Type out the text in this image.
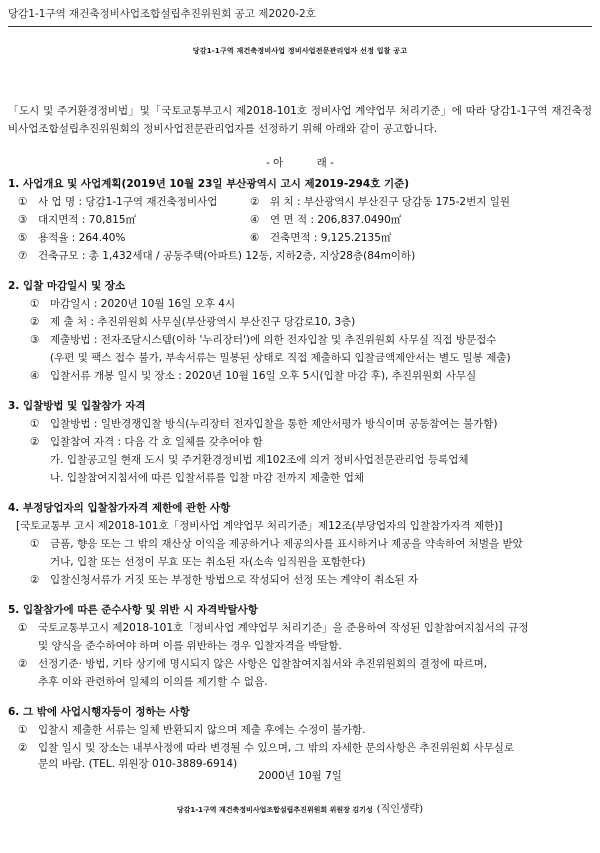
당감1-1구역 재건축정비사업조합설립추진위원회 공고 제2020-2호
당감1-1구역 재건축정비사업 정비사업전문관리업자 선정 입찰 공고
「도시 및 주거환경정비법」및「국토교통부고시 제2018-101호 정비사업 계약업무 처리기준」에 따라 당감1-1구역 재건축정비사업조합설립추진위원회의 정비사업전문관리업자를 선정하기 위해 아래와 같이 공고합니다.
- 아          래 -
1. 사업개요 및 사업계획(2019년 10월 23일 부산광역시 고시 제2019-294호 기준)
① 사 업 명 : 당감1-1구역 재건축정비사업	② 위 치 : 부산광역시 부산진구 당감동 175-2번지 일원
③ 대지면적 : 70,815㎡	④ 연 면 적 : 206,837.0490㎡
⑤ 용적율 : 264.40%	⑥ 건축면적 : 9,125.2135㎡
⑦ 건축규모 : 총 1,432세대 / 공동주택(아파트) 12동, 지하2층, 지상28층(84m이하)
2. 입찰 마감일시 및 장소
① 마감일시 : 2020년 10월 16일 오후 4시
② 제 출 처 : 추진위원회 사무실(부산광역시 부산진구 당감로10, 3층)
③ 제출방법 : 전자조달시스템(이하 '누리장터')에 의한 전자입찰 및 추진위원회 사무실 직접 방문접수
(우편 및 팩스 접수 불가, 부속서류는 밀봉된 상태로 직접 제출하되 입찰금액제안서는 별도 밀봉 제출)
④ 입찰서류 개봉 일시 및 장소 : 2020년 10월 16일 오후 5시(입찰 마감 후), 추진위원회 사무실
3. 입찰방법 및 입찰참가 자격
① 입찰방법 : 일반경쟁입찰 방식(누리장터 전자입찰을 통한 제안서평가 방식이며 공동참여는 불가함)
② 입찰참여 자격 : 다음 각 호 일체를 갖추어야 함
가. 입찰공고일 현재 도시 및 주거환경정비법 제102조에 의거 정비사업전문관리업 등록업체
나. 입찰참여지침서에 따른 입찰서류를 입찰 마감 전까지 제출한 업체
4. 부정당업자의 입찰참가자격 제한에 관한 사항
[국토교통부 고시 제2018-101호「정비사업 계약업무 처리기준」제12조(부당업자의 입찰참가자격 제한)]
① 금품, 향응 또는 그 밖의 재산상 이익을 제공하거나 제공의사를 표시하거나 제공을 약속하여 처벌을 받았
거나, 입찰 또는 선정이 무효 또는 취소된 자(소속 임직원을 포함한다)
② 입찰신청서류가 거짓 또는 부정한 방법으로 작성되어 선정 또는 계약이 취소된 자
5. 입찰참가에 따른 준수사항 및 위반 시 자격박탈사항
① 국토교통부고시 제2018-101호「정비사업 계약업무 처리기준」을 준용하여 작성된 입찰참여지침서의 규정
및 양식을 준수하여야 하며 이를 위반하는 경우 입찰자격을 박탈함.
② 선정기준· 방법, 기타 상기에 명시되지 않은 사항은 입찰참여지침서와 추진위원회의 결정에 따르며,
추후 이와 관련하여 일체의 이의를 제기할 수 없음.
6. 그 밖에 사업시행자등이 정하는 사항
① 입찰시 제출한 서류는 일체 반환되지 않으며 제출 후에는 수정이 불가함.
② 입찰 일시 및 장소는 내부사정에 따라 변경될 수 있으며, 그 밖의 자세한 문의사항은 추진위원회 사무실로
문의 바람. (TEL. 위원장 010-3889-6914)
2000년 10월 7일
당감1-1구역 재건축정비사업조합설립추진위원회 위원장 김기성 (직인생략)
